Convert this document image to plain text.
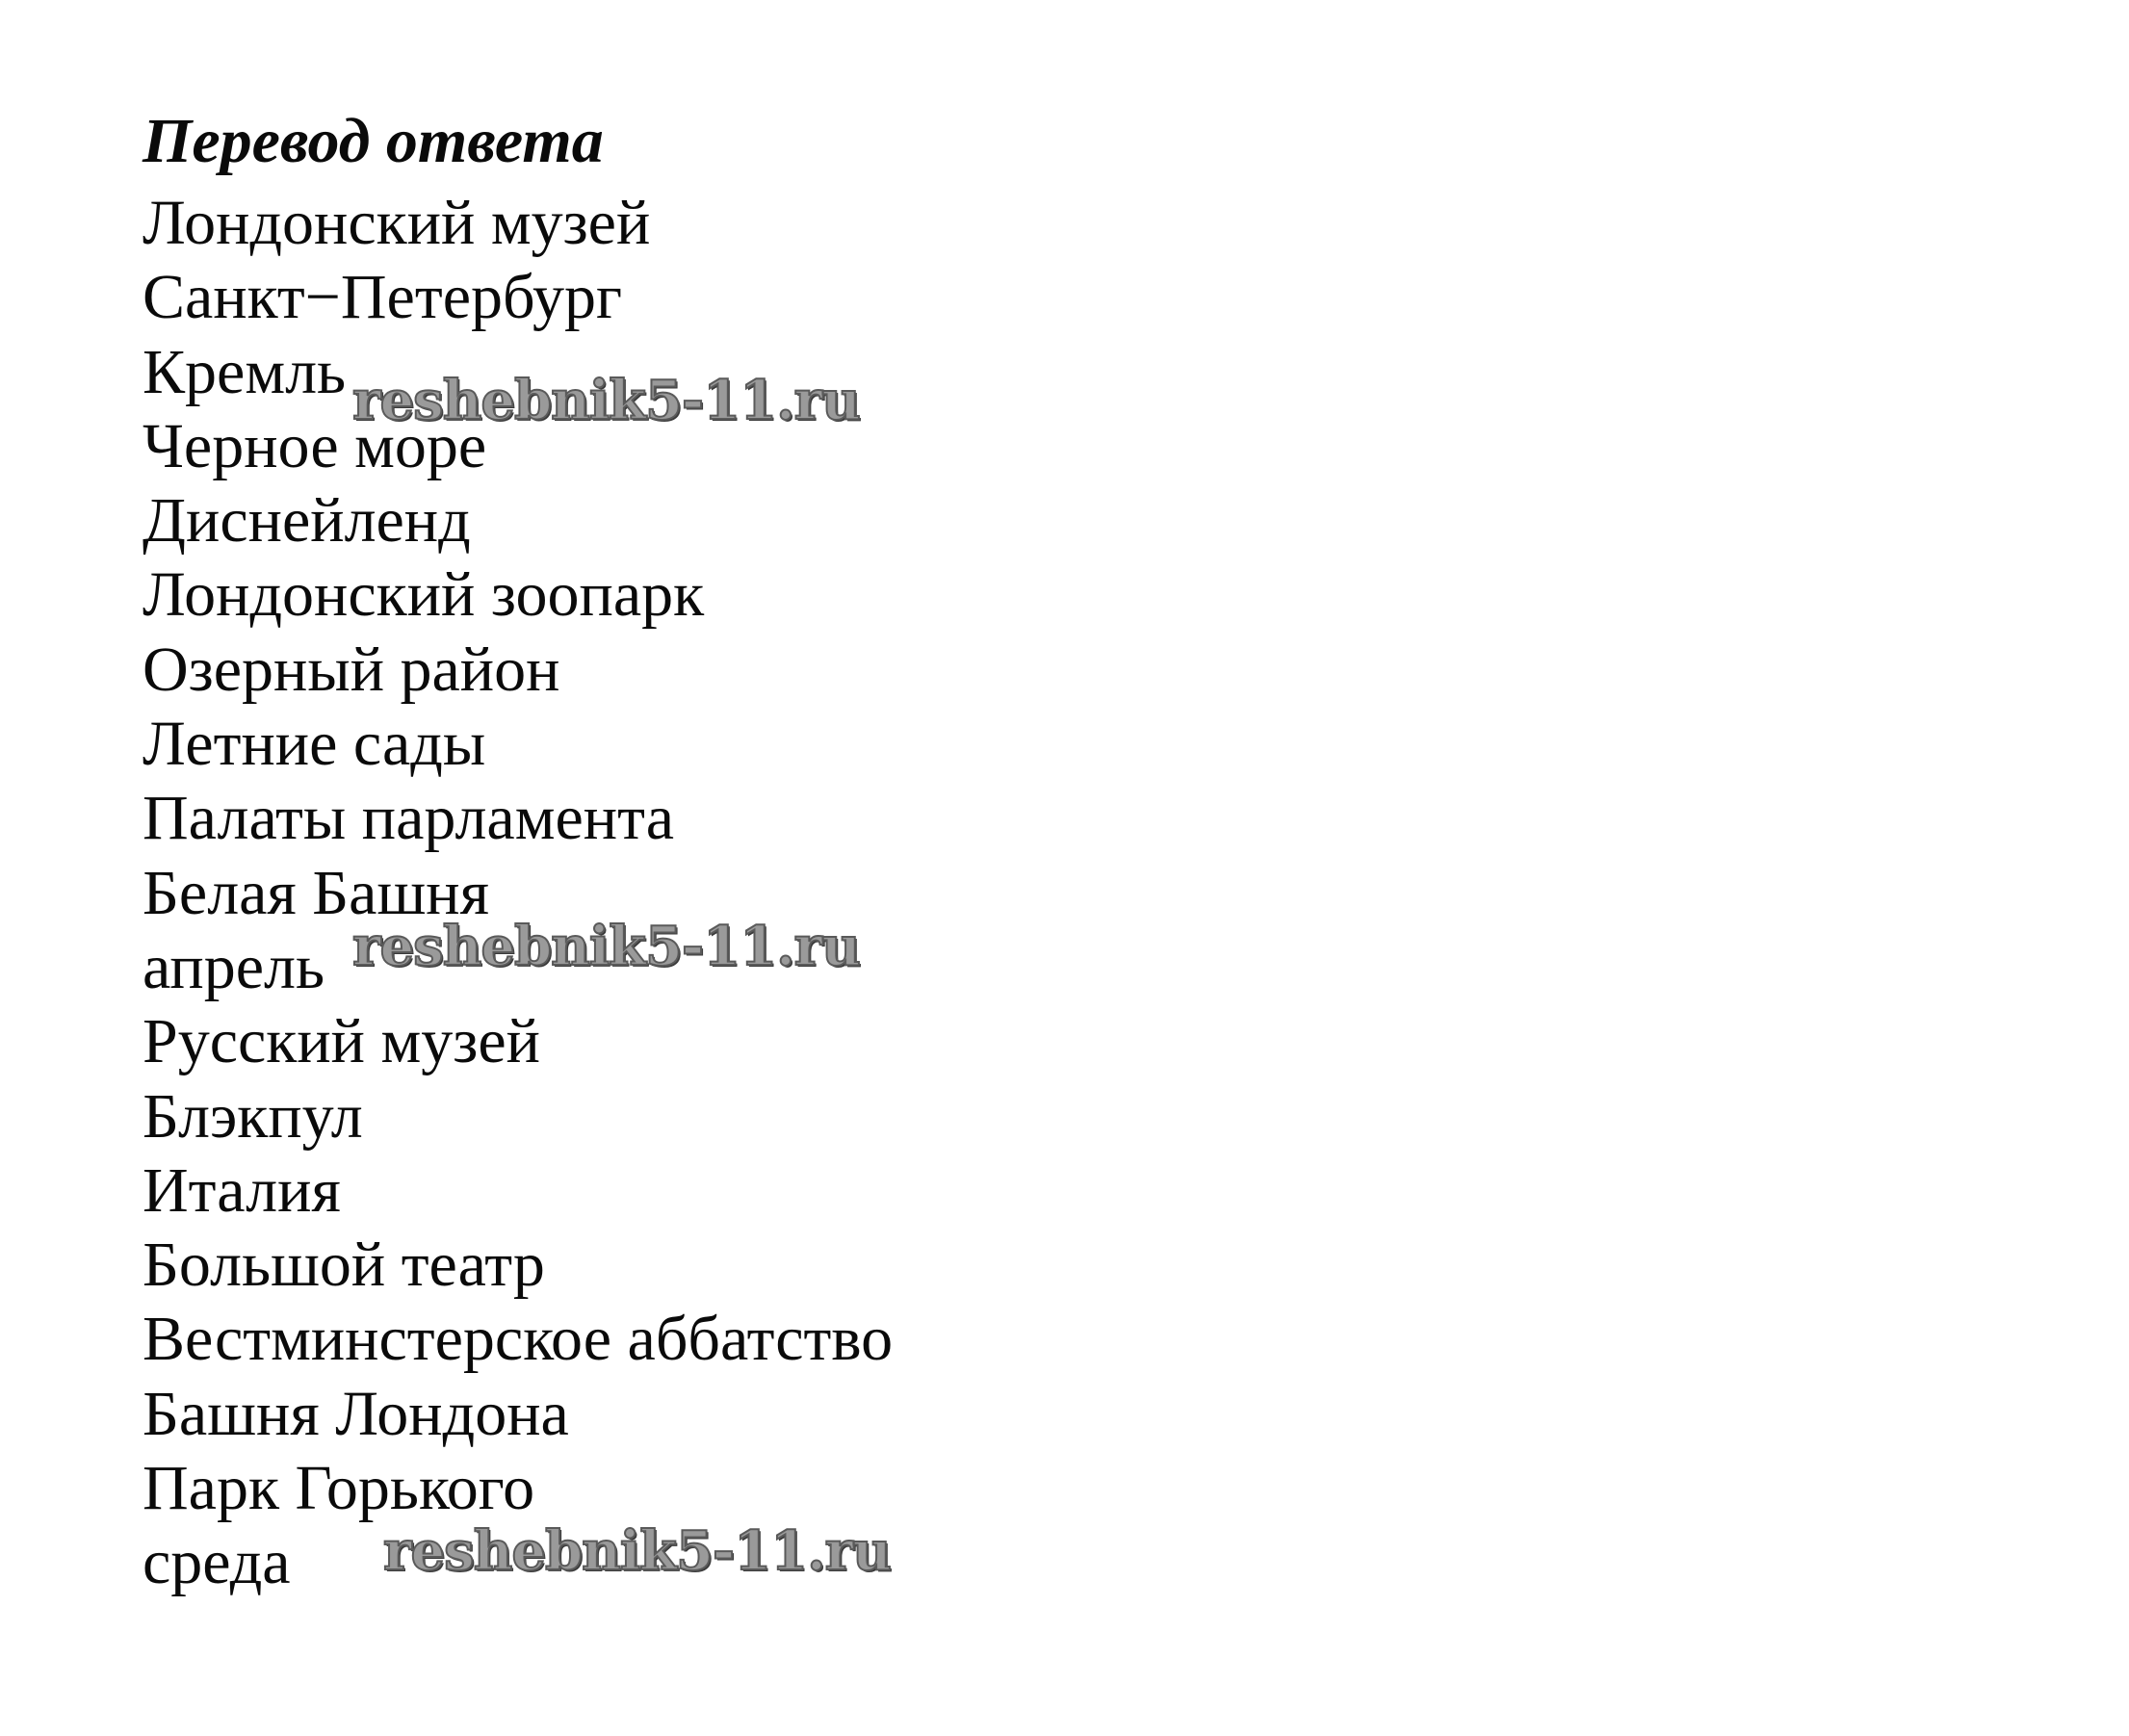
Перевод ответа
Лондонский музей
Санкт−Петербург
Кремль
Черное море
Диснейленд
Лондонский зоопарк
Озерный район
Летние сады
Палаты парламента
Белая Башня
апрель
Русский музей
Блэкпул
Италия
Большой театр
Вестминстерское аббатство
Башня Лондона
Парк Горького
среда
reshebnik5-11.ru
reshebnik5-11.ru
reshebnik5-11.ru
